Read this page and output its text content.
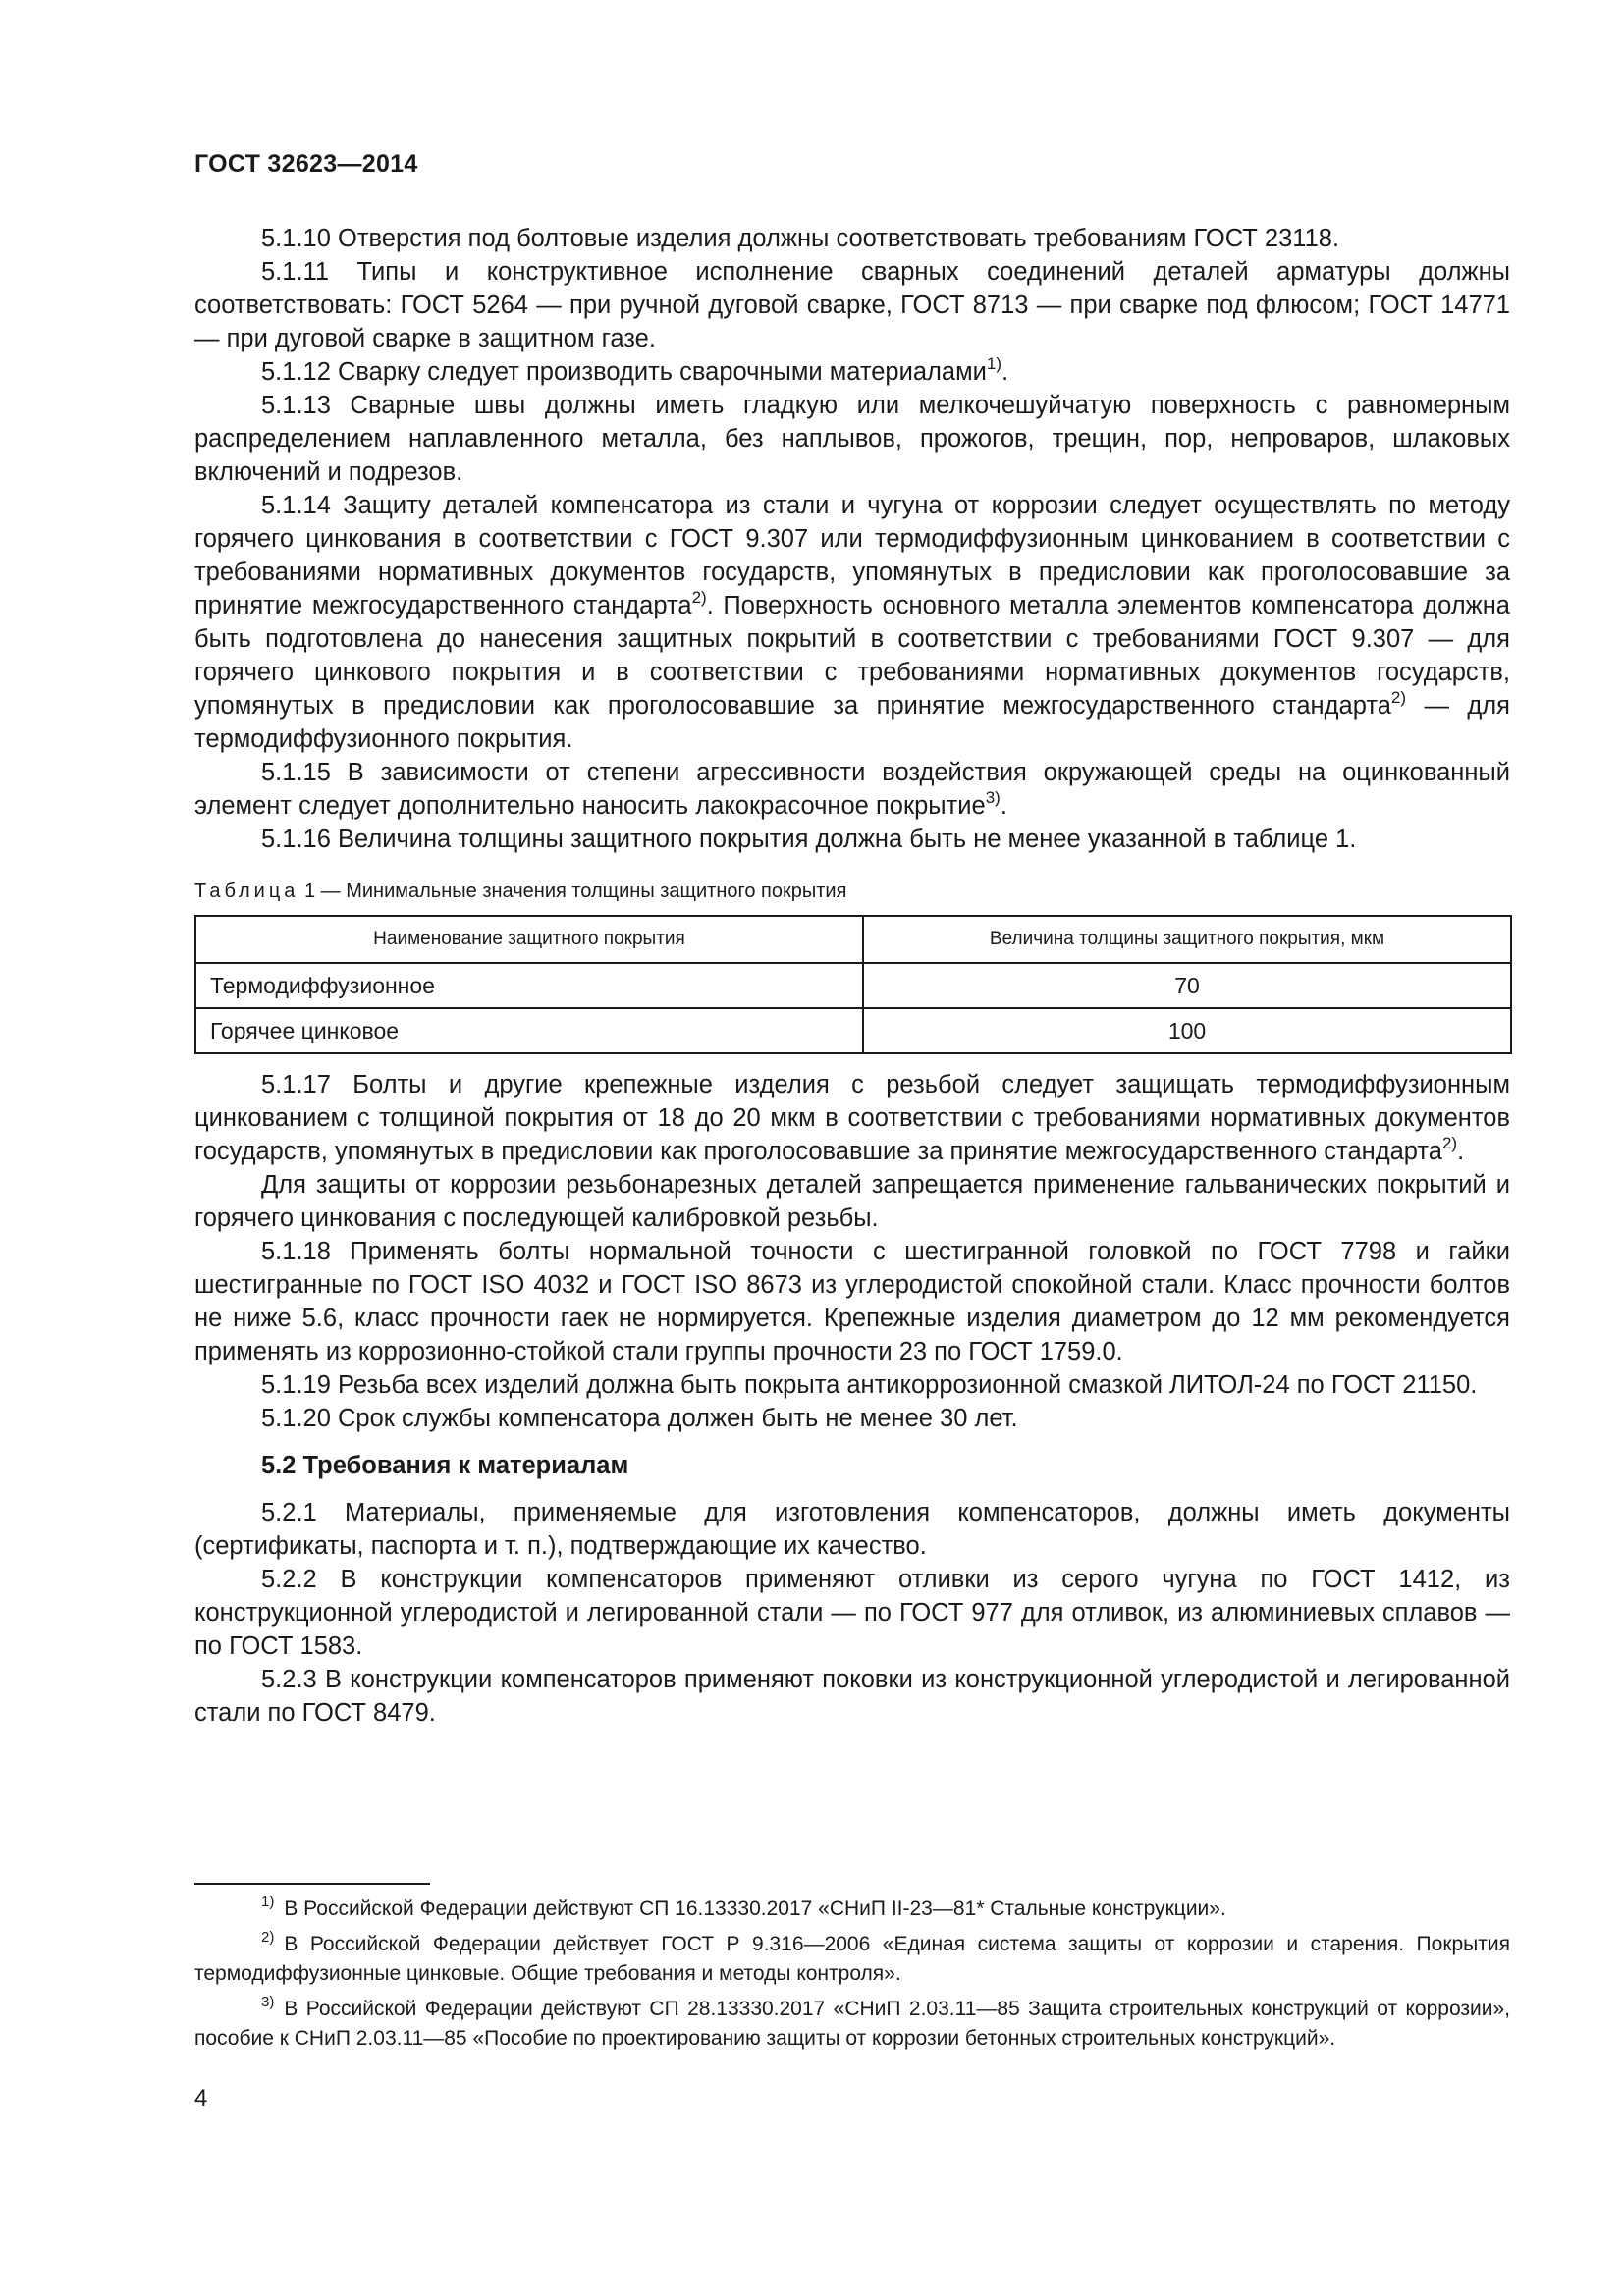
ГОСТ 32623—2014

5.1.10 Отверстия под болтовые изделия должны соответствовать требованиям ГОСТ 23118.

5.1.11 Типы и конструктивное исполнение сварных соединений деталей арматуры должны соответствовать: ГОСТ 5264 — при ручной дуговой сварке, ГОСТ 8713 — при сварке под флюсом; ГОСТ 14771 — при дуговой сварке в защитном газе.

5.1.12 Сварку следует производить сварочными материалами$^{1)}$.

5.1.13 Сварные швы должны иметь гладкую или мелкочешуйчатую поверхность с равномерным распределением наплавленного металла, без наплывов, прожогов, трещин, пор, непроваров, шлаковых включений и подрезов.

5.1.14 Защиту деталей компенсатора из стали и чугуна от коррозии следует осуществлять по методу горячего цинкования в соответствии с ГОСТ 9.307 или термодиффузионным цинкованием в соответствии с требованиями нормативных документов государств, упомянутых в предисловии как проголосовавшие за принятие межгосударственного стандарта$^{2)}$. Поверхность основного металла элементов компенсатора должна быть подготовлена до нанесения защитных покрытий в соответствии с требованиями ГОСТ 9.307 — для горячего цинкового покрытия и в соответствии с требованиями нормативных документов государств, упомянутых в предисловии как проголосовавшие за принятие межгосударственного стандарта$^{2)}$ — для термодиффузионного покрытия.

5.1.15 В зависимости от степени агрессивности воздействия окружающей среды на оцинкованный элемент следует дополнительно наносить лакокрасочное покрытие$^{3)}$.

5.1.16 Величина толщины защитного покрытия должна быть не менее указанной в таблице 1.

Таблица 1 — Минимальные значения толщины защитного покрытия

Наименование защитного покрытия	Величина толщины защитного покрытия, мкм
Термодиффузионное	70
Горячее цинковое	100

5.1.17 Болты и другие крепежные изделия с резьбой следует защищать термодиффузионным цинкованием с толщиной покрытия от 18 до 20 мкм в соответствии с требованиями нормативных документов государств, упомянутых в предисловии как проголосовавшие за принятие межгосударственного стандарта$^{2)}$.

Для защиты от коррозии резьбонарезных деталей запрещается применение гальванических покрытий и горячего цинкования с последующей калибровкой резьбы.

5.1.18 Применять болты нормальной точности с шестигранной головкой по ГОСТ 7798 и гайки шестигранные по ГОСТ ISO 4032 и ГОСТ ISO 8673 из углеродистой спокойной стали. Класс прочности болтов не ниже 5.6, класс прочности гаек не нормируется. Крепежные изделия диаметром до 12 мм рекомендуется применять из коррозионно-стойкой стали группы прочности 23 по ГОСТ 1759.0.

5.1.19 Резьба всех изделий должна быть покрыта антикоррозионной смазкой ЛИТОЛ-24 по ГОСТ 21150.

5.1.20 Срок службы компенсатора должен быть не менее 30 лет.

5.2 Требования к материалам

5.2.1 Материалы, применяемые для изготовления компенсаторов, должны иметь документы (сертификаты, паспорта и т. п.), подтверждающие их качество.

5.2.2 В конструкции компенсаторов применяют отливки из серого чугуна по ГОСТ 1412, из конструкционной углеродистой и легированной стали — по ГОСТ 977 для отливок, из алюминиевых сплавов — по ГОСТ 1583.

5.2.3 В конструкции компенсаторов применяют поковки из конструкционной углеродистой и легированной стали по ГОСТ 8479.

$^{1)}$ В Российской Федерации действуют СП 16.13330.2017 «СНиП II-23—81* Стальные конструкции».

$^{2)}$ В Российской Федерации действует ГОСТ Р 9.316—2006 «Единая система защиты от коррозии и старения. Покрытия термодиффузионные цинковые. Общие требования и методы контроля».

$^{3)}$ В Российской Федерации действуют СП 28.13330.2017 «СНиП 2.03.11—85 Защита строительных конструкций от коррозии», пособие к СНиП 2.03.11—85 «Пособие по проектированию защиты от коррозии бетонных строительных конструкций».

4
